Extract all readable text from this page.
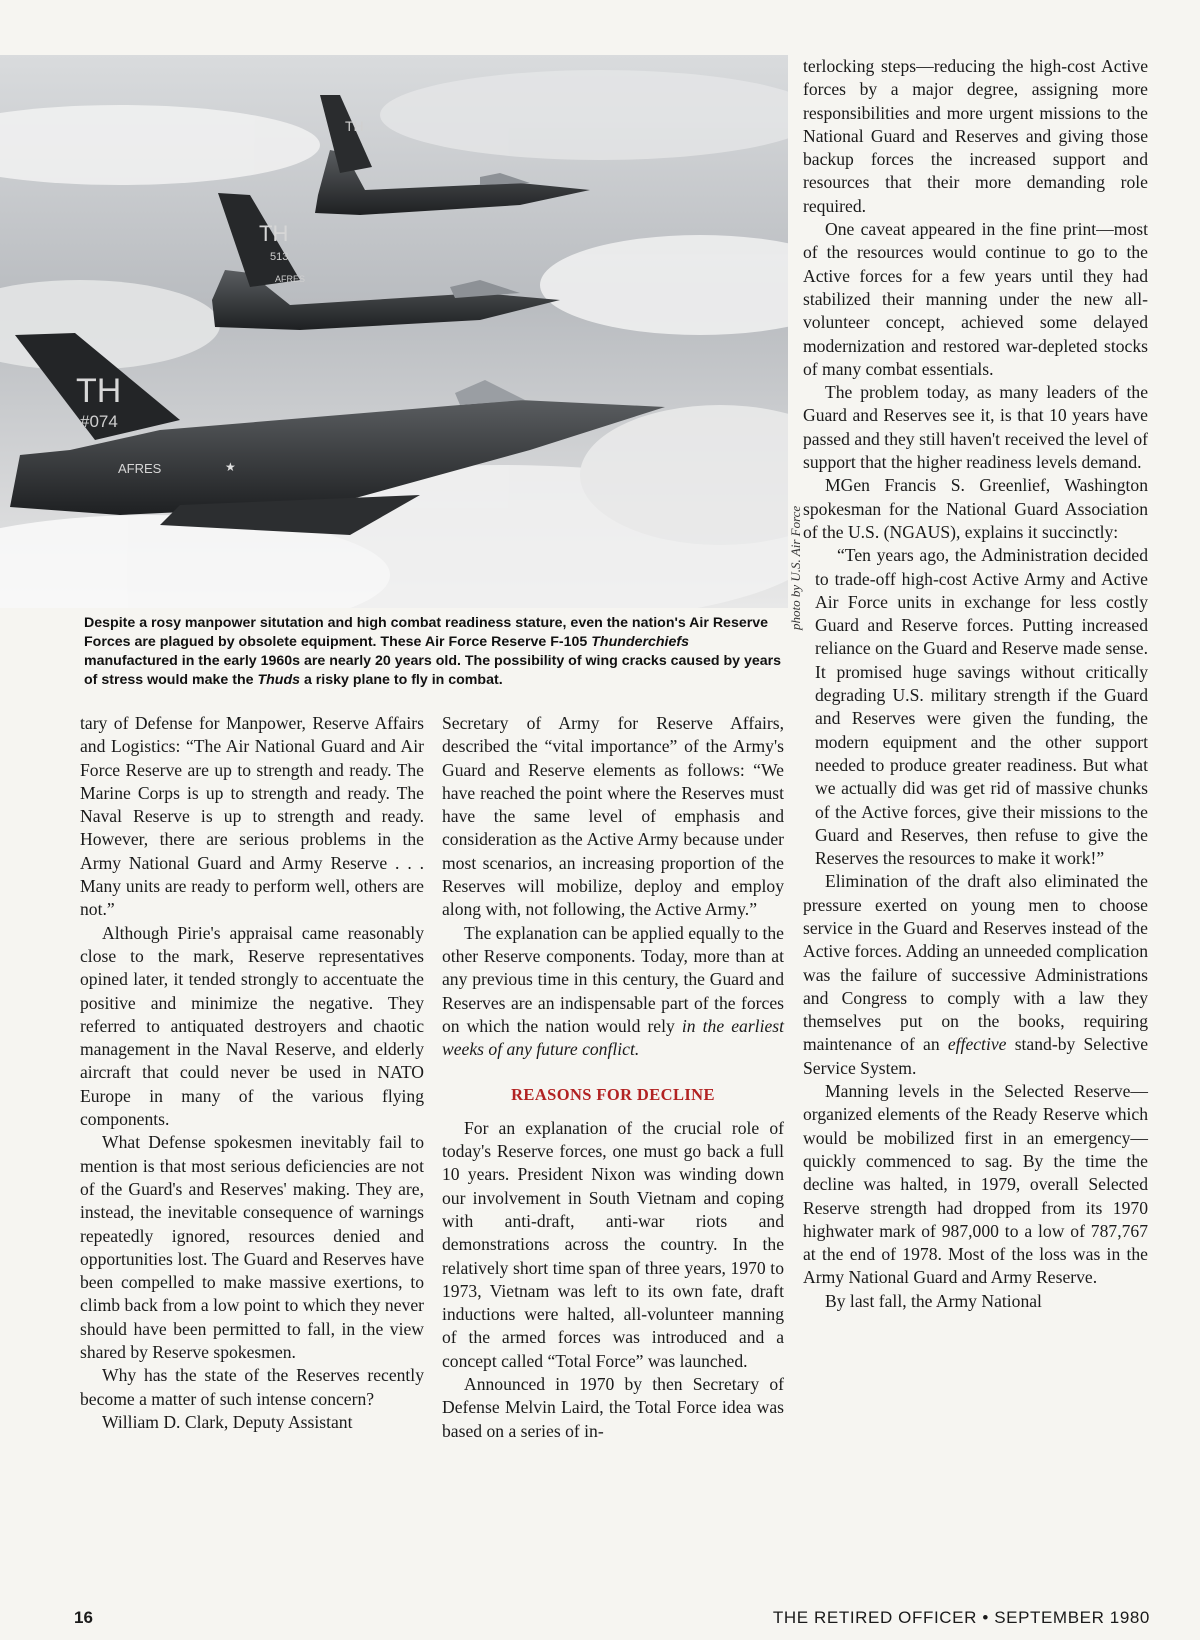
TH
TH
513
AFRES
TH
#074
AFRES	★
photo by U.S. Air Force

Despite a rosy manpower situtation and high combat readiness stature, even the nation's Air Reserve Forces are plagued by obsolete equipment. These Air Force Reserve F-105 Thunderchiefs manufactured in the early 1960s are nearly 20 years old. The possibility of wing cracks caused by years of stress would make the Thuds a risky plane to fly in combat.

tary of Defense for Manpower, Reserve Affairs and Logistics: “The Air National Guard and Air Force Reserve are up to strength and ready. The Marine Corps is up to strength and ready. The Naval Reserve is up to strength and ready. However, there are serious problems in the Army National Guard and Army Reserve . . . Many units are ready to perform well, others are not.”

Although Pirie's appraisal came reasonably close to the mark, Reserve representatives opined later, it tended strongly to accentuate the positive and minimize the negative. They referred to antiquated destroyers and chaotic management in the Naval Reserve, and elderly aircraft that could never be used in NATO Europe in many of the various flying components.

What Defense spokesmen inevitably fail to mention is that most serious deficiencies are not of the Guard's and Reserves' making. They are, instead, the inevitable consequence of warnings repeatedly ignored, resources denied and opportunities lost. The Guard and Reserves have been compelled to make massive exertions, to climb back from a low point to which they never should have been permitted to fall, in the view shared by Reserve spokesmen.

Why has the state of the Reserves recently become a matter of such intense concern?

William D. Clark, Deputy Assistant

Secretary of Army for Reserve Affairs, described the “vital importance” of the Army's Guard and Reserve elements as follows: “We have reached the point where the Reserves must have the same level of emphasis and consideration as the Active Army because under most scenarios, an increasing proportion of the Reserves will mobilize, deploy and employ along with, not following, the Active Army.”

The explanation can be applied equally to the other Reserve components. Today, more than at any previous time in this century, the Guard and Reserves are an indispensable part of the forces on which the nation would rely in the earliest weeks of any future conflict.

REASONS FOR DECLINE

For an explanation of the crucial role of today's Reserve forces, one must go back a full 10 years. President Nixon was winding down our involvement in South Vietnam and coping with anti-draft, anti-war riots and demonstrations across the country. In the relatively short time span of three years, 1970 to 1973, Vietnam was left to its own fate, draft inductions were halted, all-volunteer manning of the armed forces was introduced and a concept called “Total Force” was launched.

Announced in 1970 by then Secretary of Defense Melvin Laird, the Total Force idea was based on a series of in-

terlocking steps—reducing the high-cost Active forces by a major degree, assigning more responsibilities and more urgent missions to the National Guard and Reserves and giving those backup forces the increased support and resources that their more demanding role required.

One caveat appeared in the fine print—most of the resources would continue to go to the Active forces for a few years until they had stabilized their manning under the new all-volunteer concept, achieved some delayed modernization and restored war-depleted stocks of many combat essentials.

The problem today, as many leaders of the Guard and Reserves see it, is that 10 years have passed and they still haven't received the level of support that the higher readiness levels demand.

MGen Francis S. Greenlief, Washington spokesman for the National Guard Association of the U.S. (NGAUS), explains it succinctly:

“Ten years ago, the Administration decided to trade-off high-cost Active Army and Active Air Force units in exchange for less costly Guard and Reserve forces. Putting increased reliance on the Guard and Reserve made sense. It promised huge savings without critically degrading U.S. military strength if the Guard and Reserves were given the funding, the modern equipment and the other support needed to produce greater readiness. But what we actually did was get rid of massive chunks of the Active forces, give their missions to the Guard and Reserves, then refuse to give the Reserves the resources to make it work!”

Elimination of the draft also eliminated the pressure exerted on young men to choose service in the Guard and Reserves instead of the Active forces. Adding an unneeded complication was the failure of successive Administrations and Congress to comply with a law they themselves put on the books, requiring maintenance of an effective stand-by Selective Service System.

Manning levels in the Selected Reserve—organized elements of the Ready Reserve which would be mobilized first in an emergency—quickly commenced to sag. By the time the decline was halted, in 1979, overall Selected Reserve strength had dropped from its 1970 highwater mark of 987,000 to a low of 787,767 at the end of 1978. Most of the loss was in the Army National Guard and Army Reserve.

By last fall, the Army National

16	THE RETIRED OFFICER • SEPTEMBER 1980
